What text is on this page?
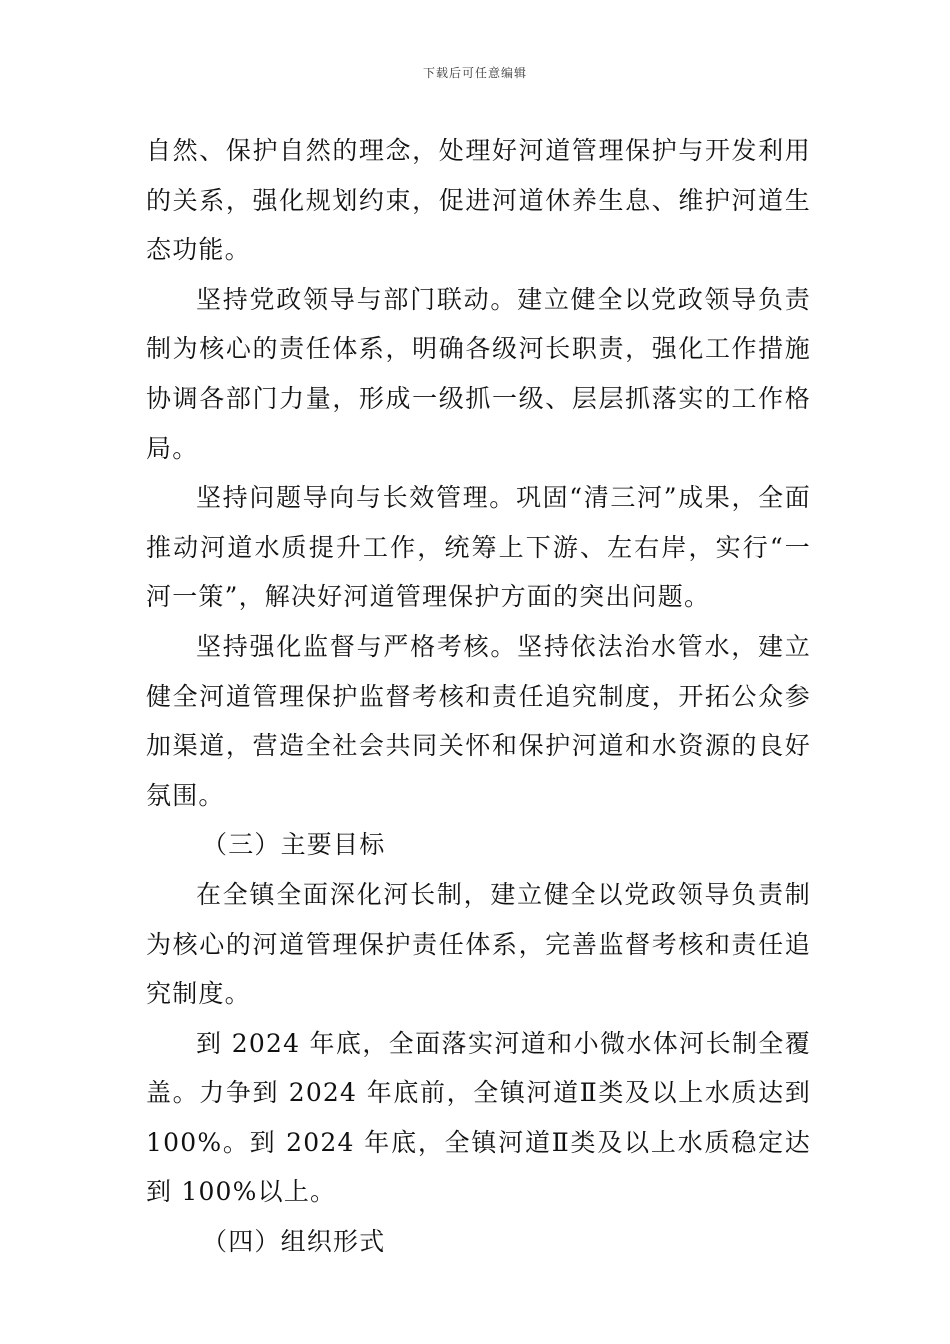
下载后可任意编辑

自然、保护自然的理念，处理好河道管理保护与开发利用的关系，强化规划约束，促进河道休养生息、维护河道生态功能。

坚持党政领导与部门联动。建立健全以党政领导负责制为核心的责任体系，明确各级河长职责，强化工作措施协调各部门力量，形成一级抓一级、层层抓落实的工作格局。

坚持问题导向与长效管理。巩固“清三河”成果，全面推动河道水质提升工作，统筹上下游、左右岸，实行“一河一策”，解决好河道管理保护方面的突出问题。

坚持强化监督与严格考核。坚持依法治水管水，建立健全河道管理保护监督考核和责任追究制度，开拓公众参加渠道，营造全社会共同关怀和保护河道和水资源的良好氛围。

（三）主要目标

在全镇全面深化河长制，建立健全以党政领导负责制为核心的河道管理保护责任体系，完善监督考核和责任追究制度。

到 2024 年底，全面落实河道和小微水体河长制全覆盖。力争到 2024 年底前，全镇河道Ⅱ类及以上水质达到 100%。到 2024 年底，全镇河道Ⅱ类及以上水质稳定达到 100%以上。

（四）组织形式
